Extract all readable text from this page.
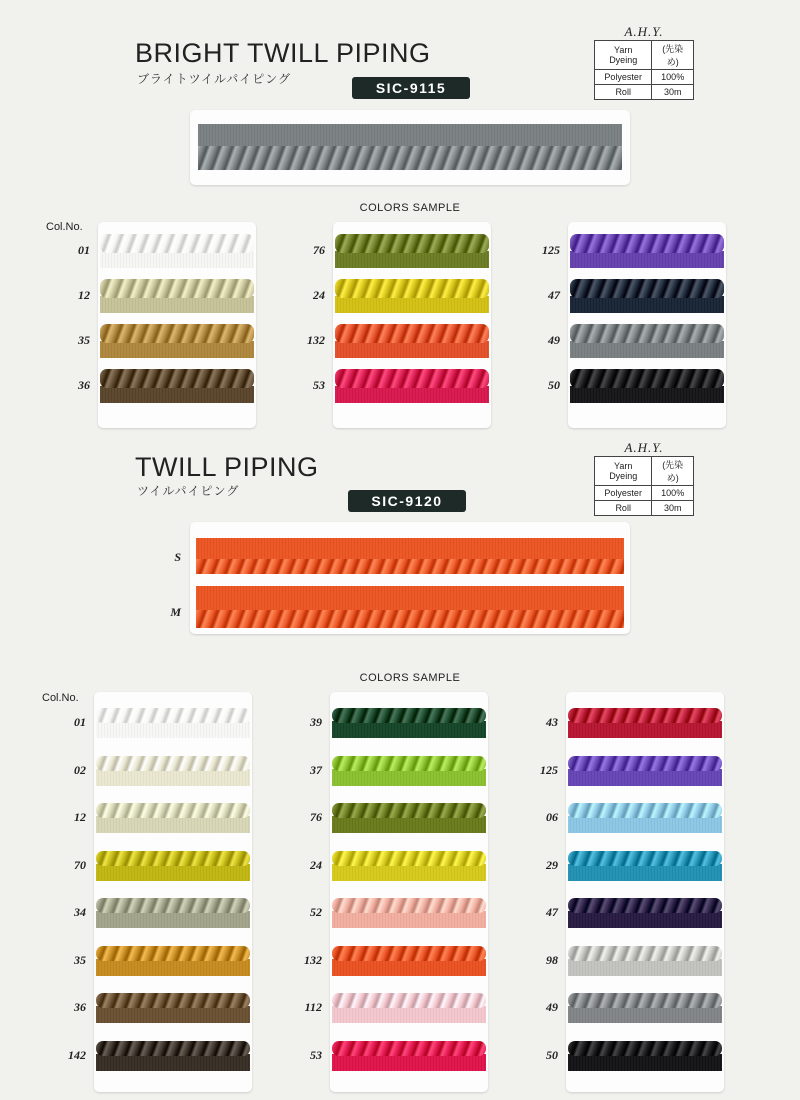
BRIGHT TWILL PIPING
ブライトツイルパイピング
SIC-9115
A.H.Y.
Yarn Dyeing	(先染め)
Polyester	100%
Roll	30m
COLORS SAMPLE
Col.No.
01
12
35
36
76
24
132
53
125
47
49
50
TWILL PIPING
ツイルパイピング
SIC-9120
A.H.Y.
Yarn Dyeing	(先染め)
Polyester	100%
Roll	30m
S
M
COLORS SAMPLE
Col.No.
01
02
12
70
34
35
36
142
39
37
76
24
52
132
112
53
43
125
06
29
47
98
49
50
